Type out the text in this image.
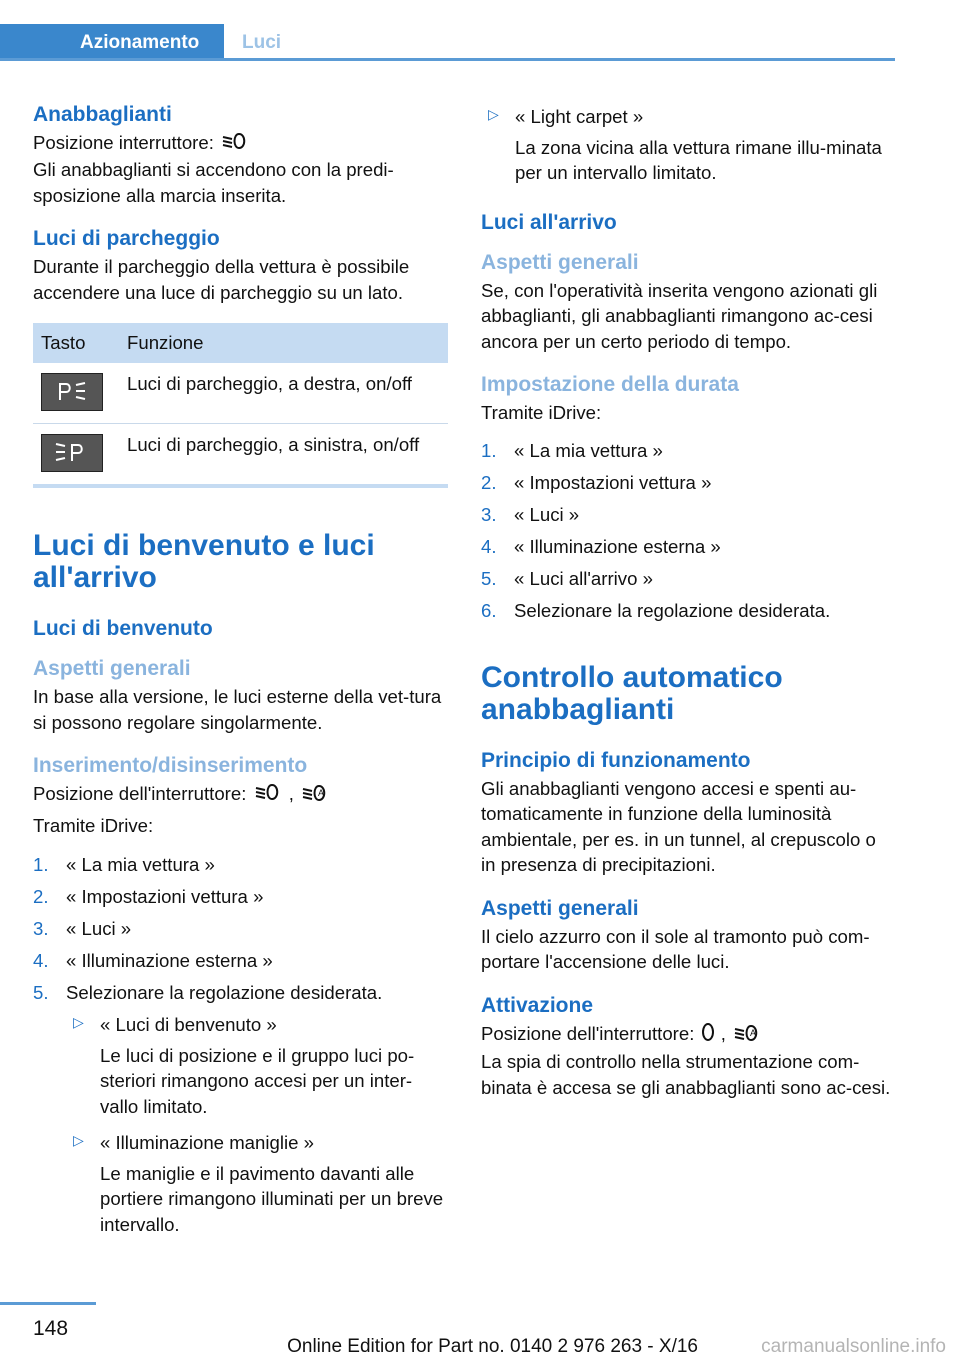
Azionamento	Luci
Anabbaglianti

Posizione interruttore:

Gli anabbaglianti si accendono con la predi-sposizione alla marcia inserita.

Luci di parcheggio

Durante il parcheggio della vettura è possibile accendere una luce di parcheggio su un lato.

Tasto	Funzione

	Luci di parcheggio, a destra, on/off

	Luci di parcheggio, a sinistra, on/off
Luci di benvenuto e luci all'arrivo
Luci di benvenuto
Aspetti generali

In base alla versione, le luci esterne della vet-tura si possono regolare singolarmente.

Inserimento/disinserimento

Posizione dell'interruttore: ,	A

Tramite iDrive:

1. « La mia vettura »
2. « Impostazioni vettura »
3. « Luci »
4. « Illuminazione esterna »
5. Selezionare la regolazione desiderata.
▷ « Luci di benvenuto »

Le luci di posizione e il gruppo luci po-steriori rimangono accesi per un inter-vallo limitato.

▷ « Illuminazione maniglie »

Le maniglie e il pavimento davanti alle portiere rimangono illuminati per un breve intervallo.

▷ « Light carpet »

La zona vicina alla vettura rimane illu-minata per un intervallo limitato.

Luci all'arrivo
Aspetti generali

Se, con l'operatività inserita vengono azionati gli abbaglianti, gli anabbaglianti rimangono ac-cesi ancora per un certo periodo di tempo.

Impostazione della durata

Tramite iDrive:

1. « La mia vettura »
2. « Impostazioni vettura »
3. « Luci »
4. « Illuminazione esterna »
5. « Luci all'arrivo »
6. Selezionare la regolazione desiderata.
Controllo automatico anabbaglianti
Principio di funzionamento

Gli anabbaglianti vengono accesi e spenti au-tomaticamente in funzione della luminosità ambientale, per es. in un tunnel, al crepuscolo o in presenza di precipitazioni.

Aspetti generali

Il cielo azzurro con il sole al tramonto può com-portare l'accensione delle luci.

Attivazione

Posizione dell'interruttore: ,	A

La spia di controllo nella strumentazione com-binata è accesa se gli anabbaglianti sono ac-cesi.

148
Online Edition for Part no. 0140 2 976 263 - X/16	carmanualsonline.info
